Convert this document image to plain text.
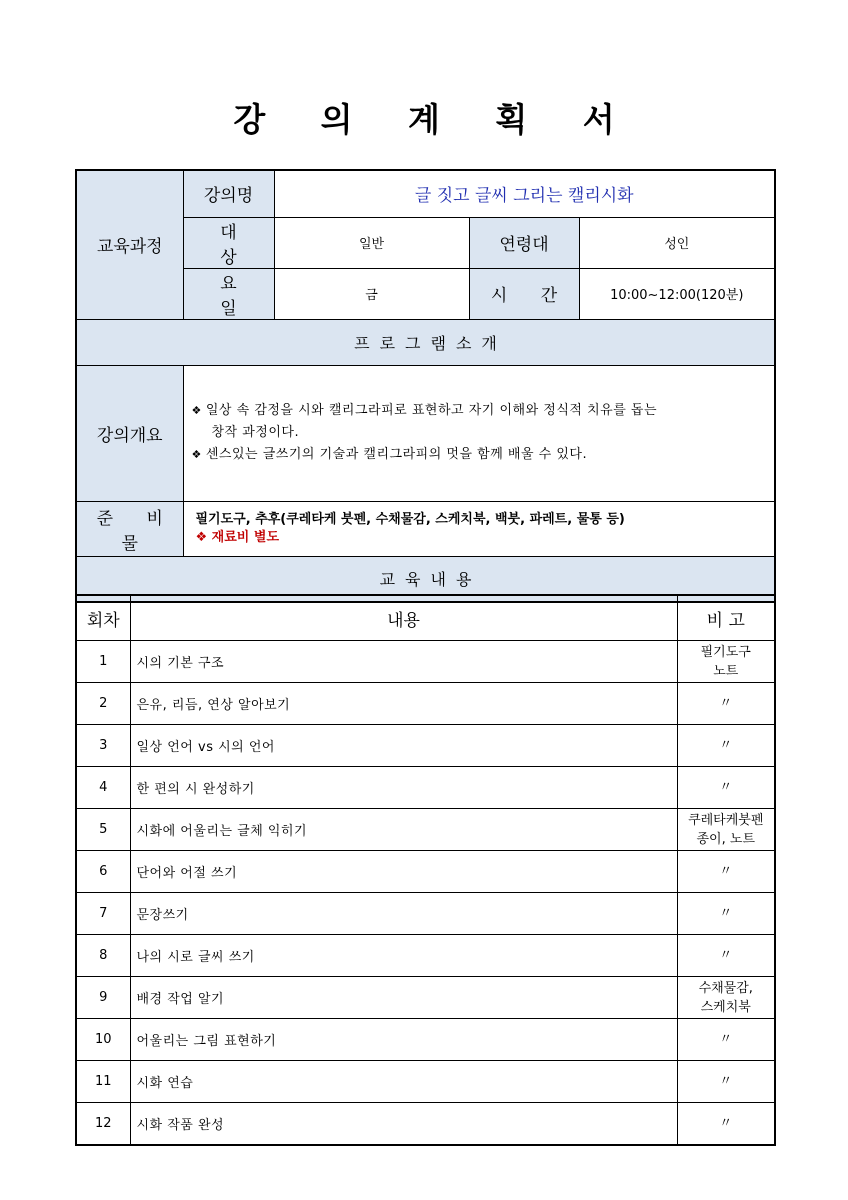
강 의 계 획 서
교육과정	강의명	글 짓고 글씨 그리는 캘리시화		
	대 상	일반	연령대	성인
	요 일	금	시 간	10:00~12:00(120분)
프로그램소개				
강의개요	❖ 일상 속 감정을 시와 캘리그라피로 표현하고 자기 이해와 정식적 치유를 돕는
창작 과정이다.
❖ 센스있는 글쓰기의 기술과 캘리그라피의 멋을 함께 배울 수 있다.			

준 비 물	필기도구, 추후(쿠레타케 붓펜, 수채물감, 스케치북, 백붓, 파레트, 물통 등)
❖ 재료비 별도			

교육내용				
회차	내용	비 고
1	시의 기본 구조	필기도구
노트

2	은유, 리듬, 연상 알아보기	〃

3	일상 언어 vs 시의 언어	〃

4	한 편의 시 완성하기	〃

5	시화에 어울리는 글체 익히기	쿠레타케붓펜
종이, 노트

6	단어와 어절 쓰기	〃

7	문장쓰기	〃

8	나의 시로 글씨 쓰기	〃

9	배경 작업 알기	수채물감,
스케치북

10	어울리는 그림 표현하기	〃

11	시화 연습	〃

12	시화 작품 완성	〃
